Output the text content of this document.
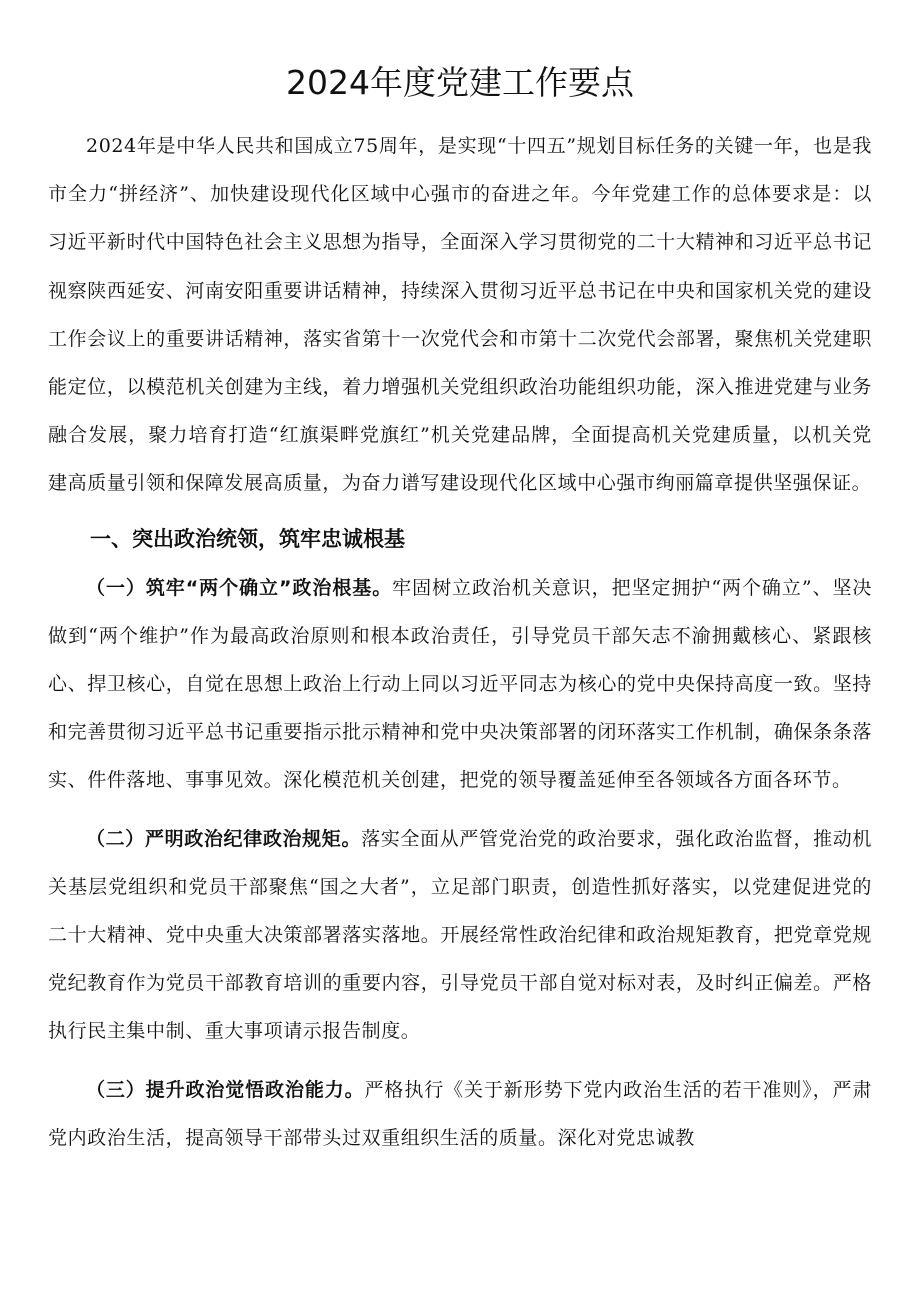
2024年度党建工作要点

2024年是中华人民共和国成立75周年，是实现“十四五”规划目标任务的关键一年，也是我市全力“拼经济”、加快建设现代化区域中心强市的奋进之年。今年党建工作的总体要求是：以习近平新时代中国特色社会主义思想为指导，全面深入学习贯彻党的二十大精神和习近平总书记视察陕西延安、河南安阳重要讲话精神，持续深入贯彻习近平总书记在中央和国家机关党的建设工作会议上的重要讲话精神，落实省第十一次党代会和市第十二次党代会部署，聚焦机关党建职能定位，以模范机关创建为主线，着力增强机关党组织政治功能组织功能，深入推进党建与业务融合发展，聚力培育打造“红旗渠畔党旗红”机关党建品牌，全面提高机关党建质量，以机关党建高质量引领和保障发展高质量，为奋力谱写建设现代化区域中心强市绚丽篇章提供坚强保证。

一、突出政治统领，筑牢忠诚根基

（一）筑牢“两个确立”政治根基。牢固树立政治机关意识，把坚定拥护“两个确立”、坚决做到“两个维护”作为最高政治原则和根本政治责任，引导党员干部矢志不渝拥戴核心、紧跟核心、捍卫核心，自觉在思想上政治上行动上同以习近平同志为核心的党中央保持高度一致。坚持和完善贯彻习近平总书记重要指示批示精神和党中央决策部署的闭环落实工作机制，确保条条落实、件件落地、事事见效。深化模范机关创建，把党的领导覆盖延伸至各领域各方面各环节。

（二）严明政治纪律政治规矩。落实全面从严管党治党的政治要求，强化政治监督，推动机关基层党组织和党员干部聚焦“国之大者”，立足部门职责，创造性抓好落实，以党建促进党的二十大精神、党中央重大决策部署落实落地。开展经常性政治纪律和政治规矩教育，把党章党规党纪教育作为党员干部教育培训的重要内容，引导党员干部自觉对标对表，及时纠正偏差。严格执行民主集中制、重大事项请示报告制度。

（三）提升政治觉悟政治能力。严格执行《关于新形势下党内政治生活的若干准则》，严肃党内政治生活，提高领导干部带头过双重组织生活的质量。深化对党忠诚教
